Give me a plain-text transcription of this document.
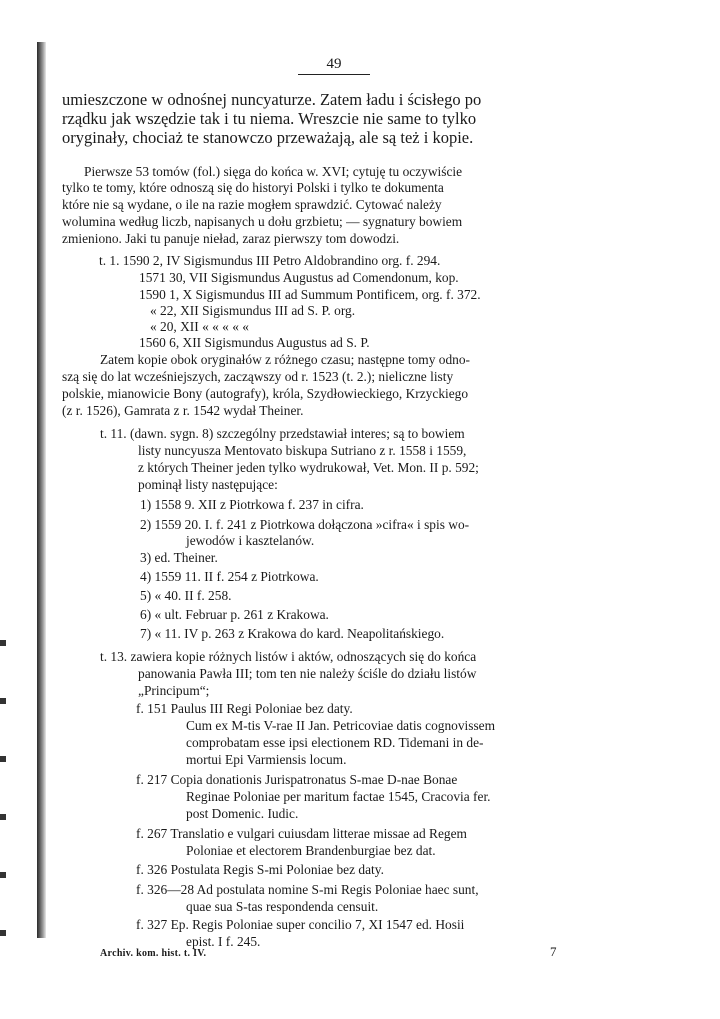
49
umieszczone w odnośnej nuncyaturze. Zatem ładu i ścisłego po
rządku jak wszędzie tak i tu niema. Wreszcie nie same to tylko
oryginały, chociaż te stanowczo przeważają, ale są też i kopie.
Pierwsze 53 tomów (fol.) sięga do końca w. XVI; cytuję tu oczywiście
tylko te tomy, które odnoszą się do historyi Polski i tylko te dokumenta
które nie są wydane, o ile na razie mogłem sprawdzić. Cytować należy
wolumina według liczb, napisanych u dołu grzbietu; — sygnatury bowiem
zmieniono. Jaki tu panuje nieład, zaraz pierwszy tom dowodzi.
t. 1. 1590 2, IV Sigismundus III Petro Aldobrandino org. f. 294.
1571 30, VII Sigismundus Augustus ad Comendonum, kop.
1590 1, X Sigismundus III ad Summum Pontificem, org. f. 372.
« 22, XII Sigismundus III ad S. P. org.
« 20, XII « « « « «
1560 6, XII Sigismundus Augustus ad S. P.
Zatem kopie obok oryginałów z różnego czasu; następne tomy odno-
szą się do lat wcześniejszych, zacząwszy od r. 1523 (t. 2.); nieliczne listy
polskie, mianowicie Bony (autografy), króla, Szydłowieckiego, Krzyckiego
(z r. 1526), Gamrata z r. 1542 wydał Theiner.
t. 11. (dawn. sygn. 8) szczególny przedstawiał interes; są to bowiem
listy nuncyusza Mentovato biskupa Sutriano z r. 1558 i 1559,
z których Theiner jeden tylko wydrukował, Vet. Mon. II p. 592;
pominął listy następujące:
1) 1558 9. XII z Piotrkowa f. 237 in cifra.
2) 1559 20. I. f. 241 z Piotrkowa dołączona »cifra« i spis wo-
jewodów i kasztelanów.
3) ed. Theiner.
4) 1559 11. II f. 254 z Piotrkowa.
5) « 40. II f. 258.
6) « ult. Februar p. 261 z Krakowa.
7) « 11. IV p. 263 z Krakowa do kard. Neapolitańskiego.
t. 13. zawiera kopie różnych listów i aktów, odnoszących się do końca
panowania Pawła III; tom ten nie należy ściśle do działu listów
„Principum“;
f. 151 Paulus III Regi Poloniae bez daty.
Cum ex M-tis V-rae II Jan. Petricoviae datis cognovissem
comprobatam esse ipsi electionem RD. Tidemani in de-
mortui Epi Varmiensis locum.
f. 217 Copia donationis Jurispatronatus S-mae D-nae Bonae
Reginae Poloniae per maritum factae 1545, Cracovia fer.
post Domenic. Iudic.
f. 267 Translatio e vulgari cuiusdam litterae missae ad Regem
Poloniae et electorem Brandenburgiae bez dat.
f. 326 Postulata Regis S-mi Poloniae bez daty.
f. 326—28 Ad postulata nomine S-mi Regis Poloniae haec sunt,
quae sua S-tas respondenda censuit.
f. 327 Ep. Regis Poloniae super concilio 7, XI 1547 ed. Hosii
epist. I f. 245.
Archiv. kom. hist. t. IV.	7
